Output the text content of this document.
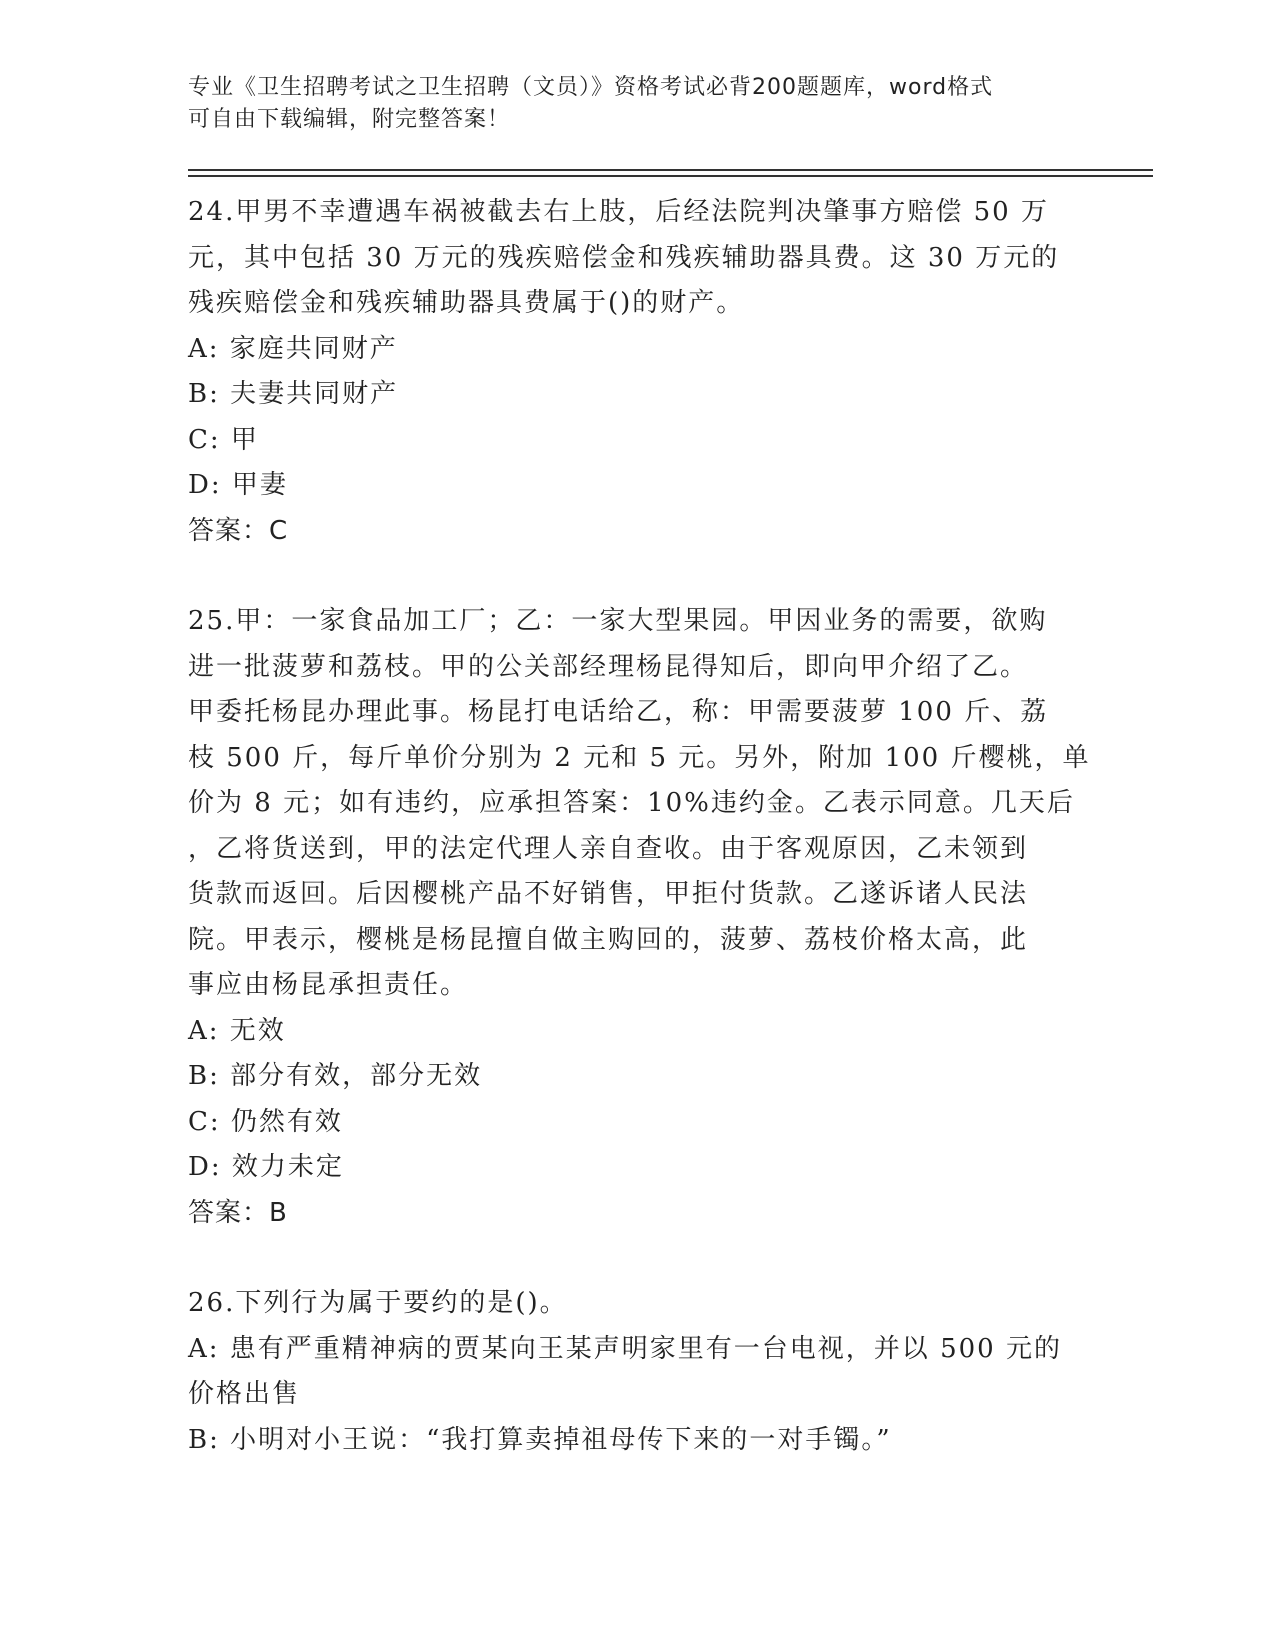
专业《卫生招聘考试之卫生招聘（文员）》资格考试必背200题题库，word格式
可自由下载编辑，附完整答案！
24.甲男不幸遭遇车祸被截去右上肢，后经法院判决肇事方赔偿 50 万
元，其中包括 30 万元的残疾赔偿金和残疾辅助器具费。这 30 万元的
残疾赔偿金和残疾辅助器具费属于()的财产。
A: 家庭共同财产
B: 夫妻共同财产
C: 甲
D: 甲妻
答案：C
25.甲：一家食品加工厂；乙：一家大型果园。甲因业务的需要，欲购
进一批菠萝和荔枝。甲的公关部经理杨昆得知后，即向甲介绍了乙。
甲委托杨昆办理此事。杨昆打电话给乙，称：甲需要菠萝 100 斤、荔
枝 500 斤，每斤单价分别为 2 元和 5 元。另外，附加 100 斤樱桃，单
价为 8 元；如有违约，应承担答案：10%违约金。乙表示同意。几天后
，乙将货送到，甲的法定代理人亲自查收。由于客观原因，乙未领到
货款而返回。后因樱桃产品不好销售，甲拒付货款。乙遂诉诸人民法
院。甲表示，樱桃是杨昆擅自做主购回的，菠萝、荔枝价格太高，此
事应由杨昆承担责任。
A: 无效
B: 部分有效，部分无效
C: 仍然有效
D: 效力未定
答案：B
26.下列行为属于要约的是()。
A: 患有严重精神病的贾某向王某声明家里有一台电视，并以 500 元的
价格出售
B: 小明对小王说：“我打算卖掉祖母传下来的一对手镯。”
